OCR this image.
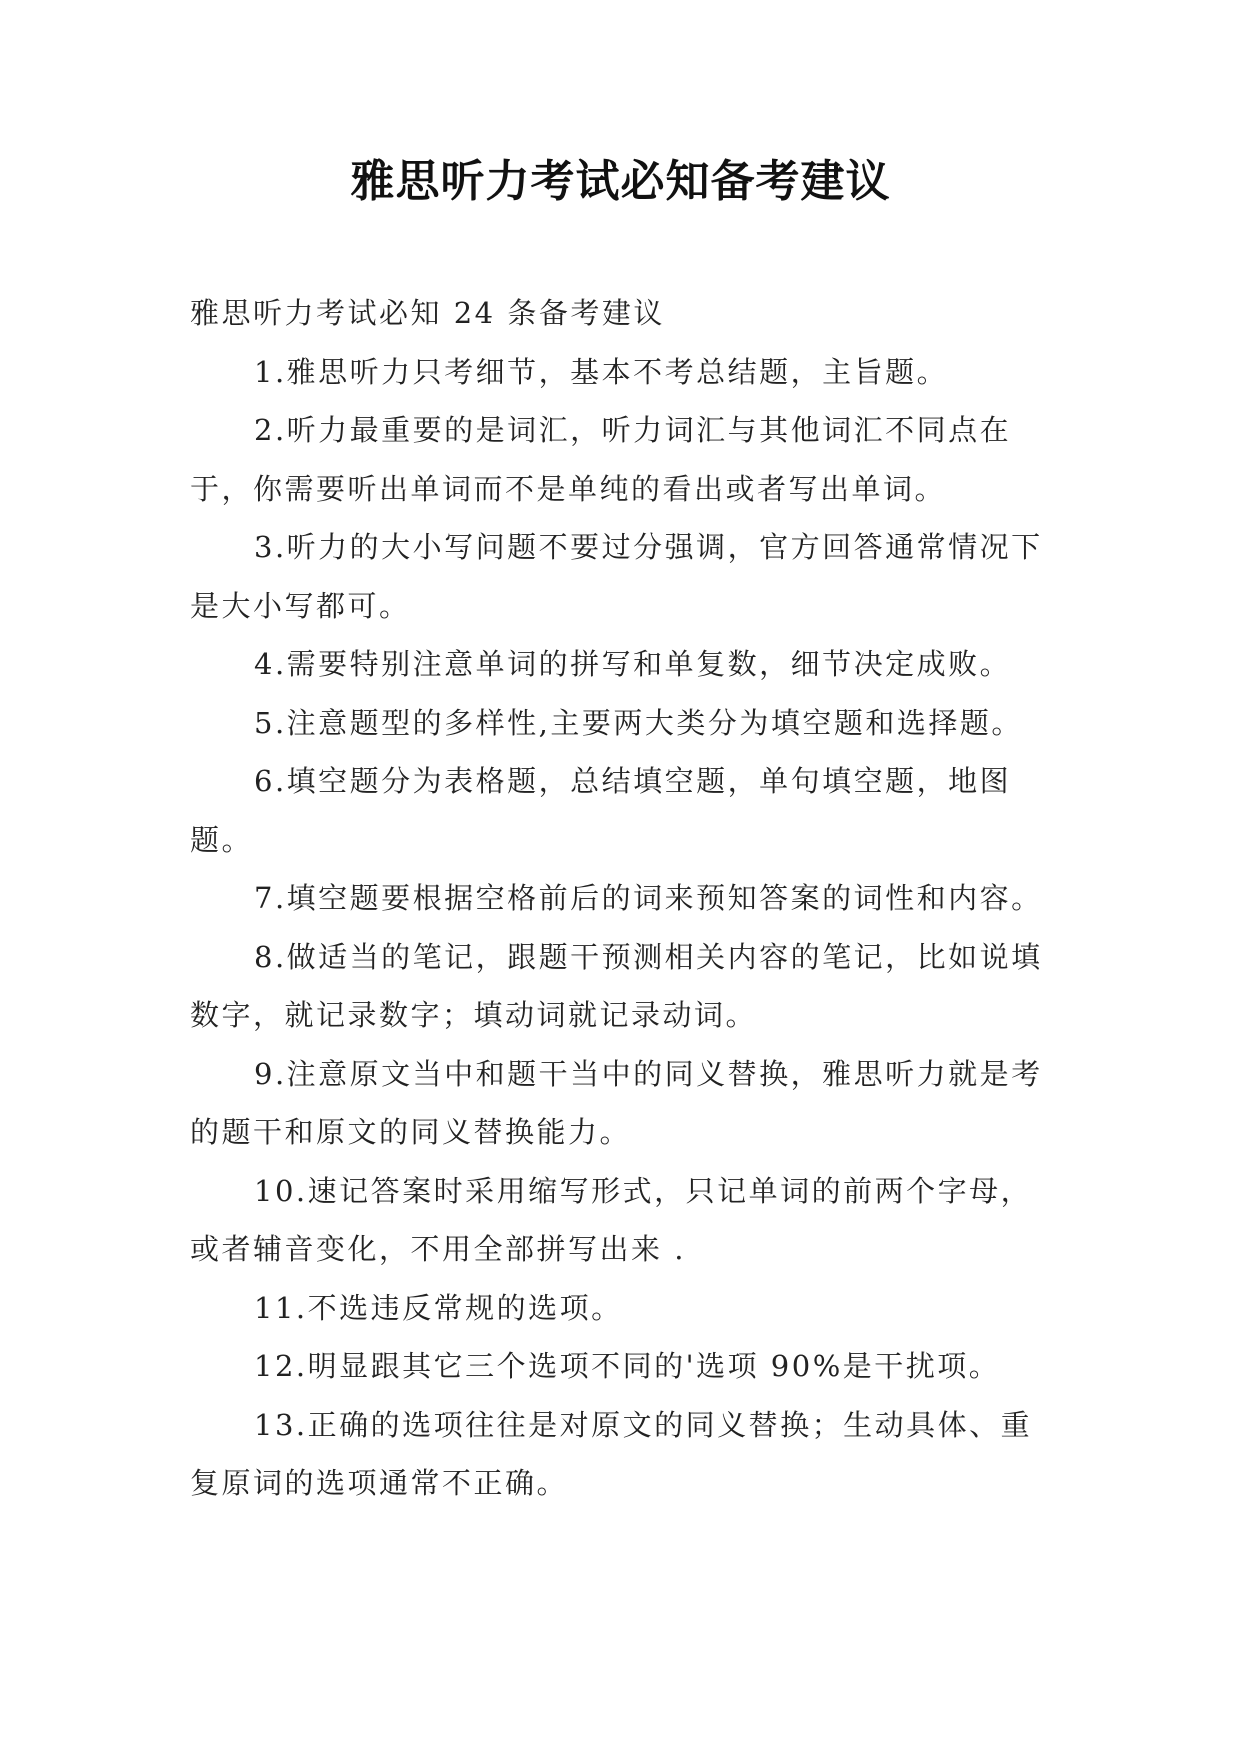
雅思听力考试必知备考建议

雅思听力考试必知 24 条备考建议

1.雅思听力只考细节，基本不考总结题，主旨题。

2.听力最重要的是词汇，听力词汇与其他词汇不同点在于，你需要听出单词而不是单纯的看出或者写出单词。

3.听力的大小写问题不要过分强调，官方回答通常情况下是大小写都可。

4.需要特别注意单词的拼写和单复数，细节决定成败。

5.注意题型的多样性,主要两大类分为填空题和选择题。

6.填空题分为表格题，总结填空题，单句填空题，地图题。

7.填空题要根据空格前后的词来预知答案的词性和内容。

8.做适当的笔记，跟题干预测相关内容的笔记，比如说填数字，就记录数字；填动词就记录动词。

9.注意原文当中和题干当中的同义替换，雅思听力就是考的题干和原文的同义替换能力。

10.速记答案时采用缩写形式，只记单词的前两个字母，或者辅音变化，不用全部拼写出来 .

11.不选违反常规的选项。

12.明显跟其它三个选项不同的'选项 90%是干扰项。

13.正确的选项往往是对原文的同义替换；生动具体、重复原词的选项通常不正确。
